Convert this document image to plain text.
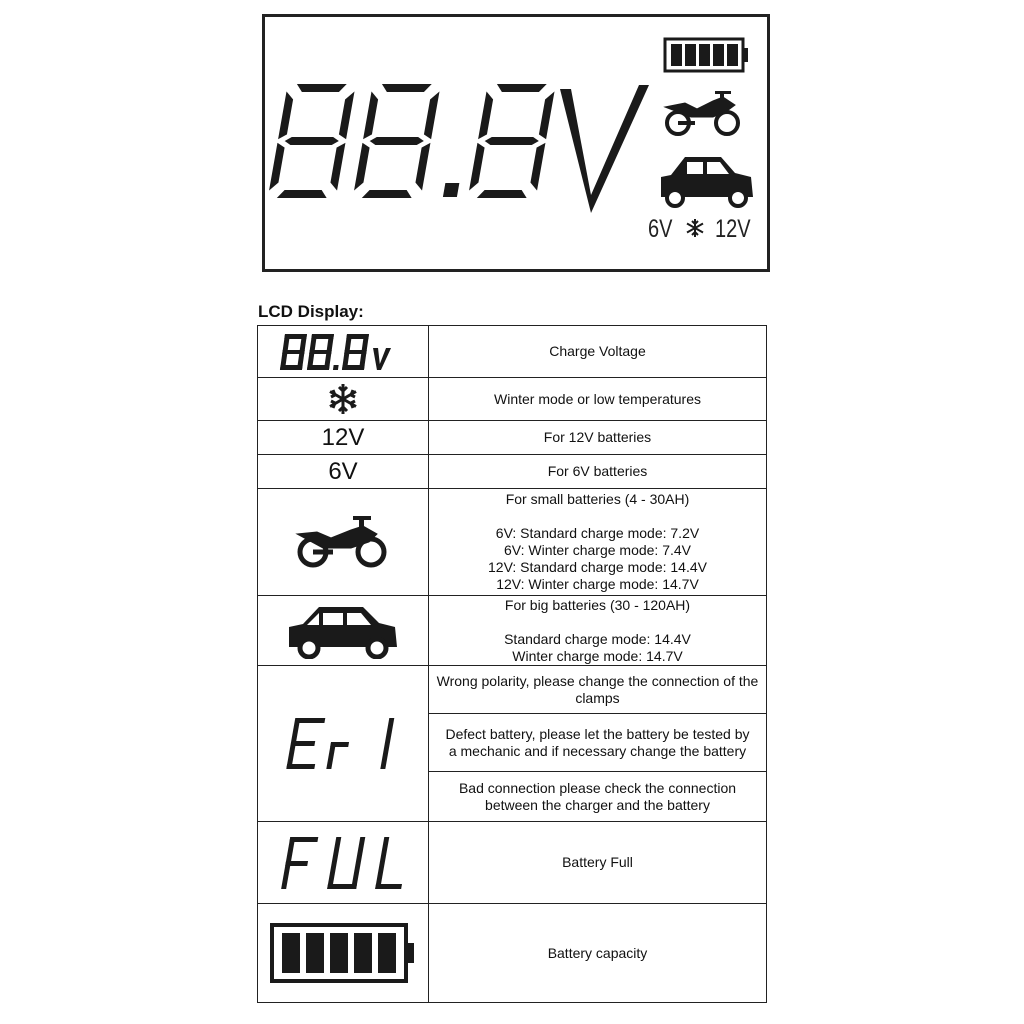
6V 12V
LCD Display:
Charge Voltage
Winter mode or low temperatures
12V	For 12V batteries
6V	For 6V batteries
For small batteries (4 - 30AH)
6V: Standard charge mode: 7.2V
6V: Winter charge mode: 7.4V
12V: Standard charge mode: 14.4V
12V: Winter charge mode: 14.7V
For big batteries (30 - 120AH)
Standard charge mode: 14.4V
Winter charge mode: 14.7V
Er 1
Wrong polarity, please change the connection of the clamps
Defect battery, please let the battery be tested by a mechanic and if necessary change the battery
Bad connection please check the connection between the charger and the battery
FUL
Battery Full
Battery capacity
